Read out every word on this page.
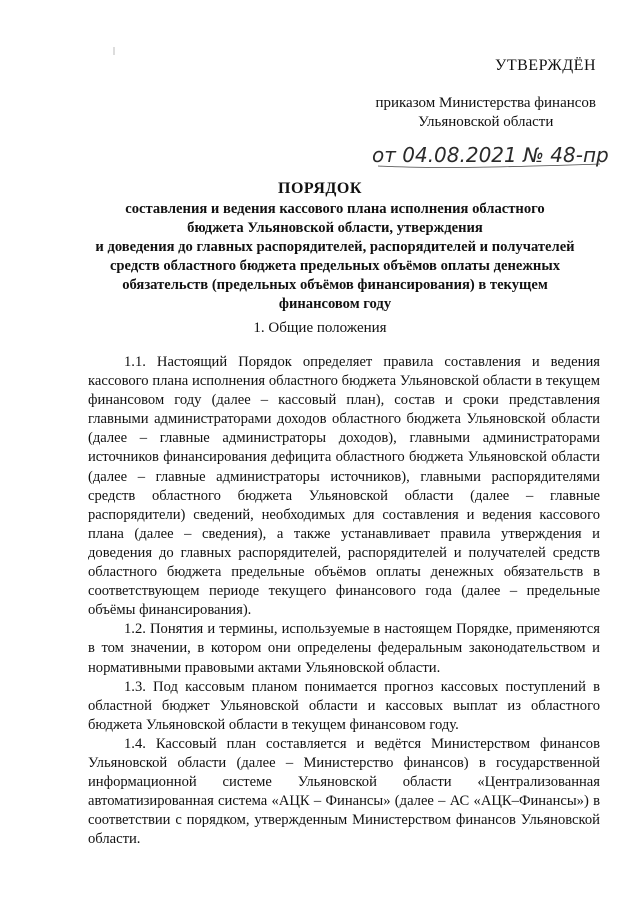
УТВЕРЖДЁН
приказом Министерства финансов
Ульяновской области
от 04.08.2021 № 48-пр
ПОРЯДОК
составления и ведения кассового плана исполнения областного
бюджета Ульяновской области, утверждения
и доведения до главных распорядителей, распорядителей и получателей
средств областного бюджета предельных объёмов оплаты денежных
обязательств (предельных объёмов финансирования) в текущем
финансовом году
1. Общие положения

1.1. Настоящий Порядок определяет правила составления и ведения кассового плана исполнения областного бюджета Ульяновской области в текущем финансовом году (далее – кассовый план), состав и сроки представления главными администраторами доходов областного бюджета Ульяновской области (далее – главные администраторы доходов), главными администраторами источников финансирования дефицита областного бюджета Ульяновской области (далее – главные администраторы источников), главными распорядителями средств областного бюджета Ульяновской области (далее – главные распорядители) сведений, необходимых для составления и ведения кассового плана (далее – сведения), а также устанавливает правила утверждения и доведения до главных распорядителей, распорядителей и получателей средств областного бюджета предельные объёмов оплаты денежных обязательств в соответствующем периоде текущего финансового года (далее – предельные объёмы финансирования).

1.2. Понятия и термины, используемые в настоящем Порядке, применяются в том значении, в котором они определены федеральным законодательством и нормативными правовыми актами Ульяновской области.

1.3. Под кассовым планом понимается прогноз кассовых поступлений в областной бюджет Ульяновской области и кассовых выплат из областного бюджета Ульяновской области в текущем финансовом году.

1.4. Кассовый план составляется и ведётся Министерством финансов Ульяновской области (далее – Министерство финансов) в государственной информационной системе Ульяновской области «Централизованная автоматизированная система «АЦК – Финансы» (далее – АС «АЦК–Финансы») в соответствии с порядком, утвержденным Министерством финансов Ульяновской области.
